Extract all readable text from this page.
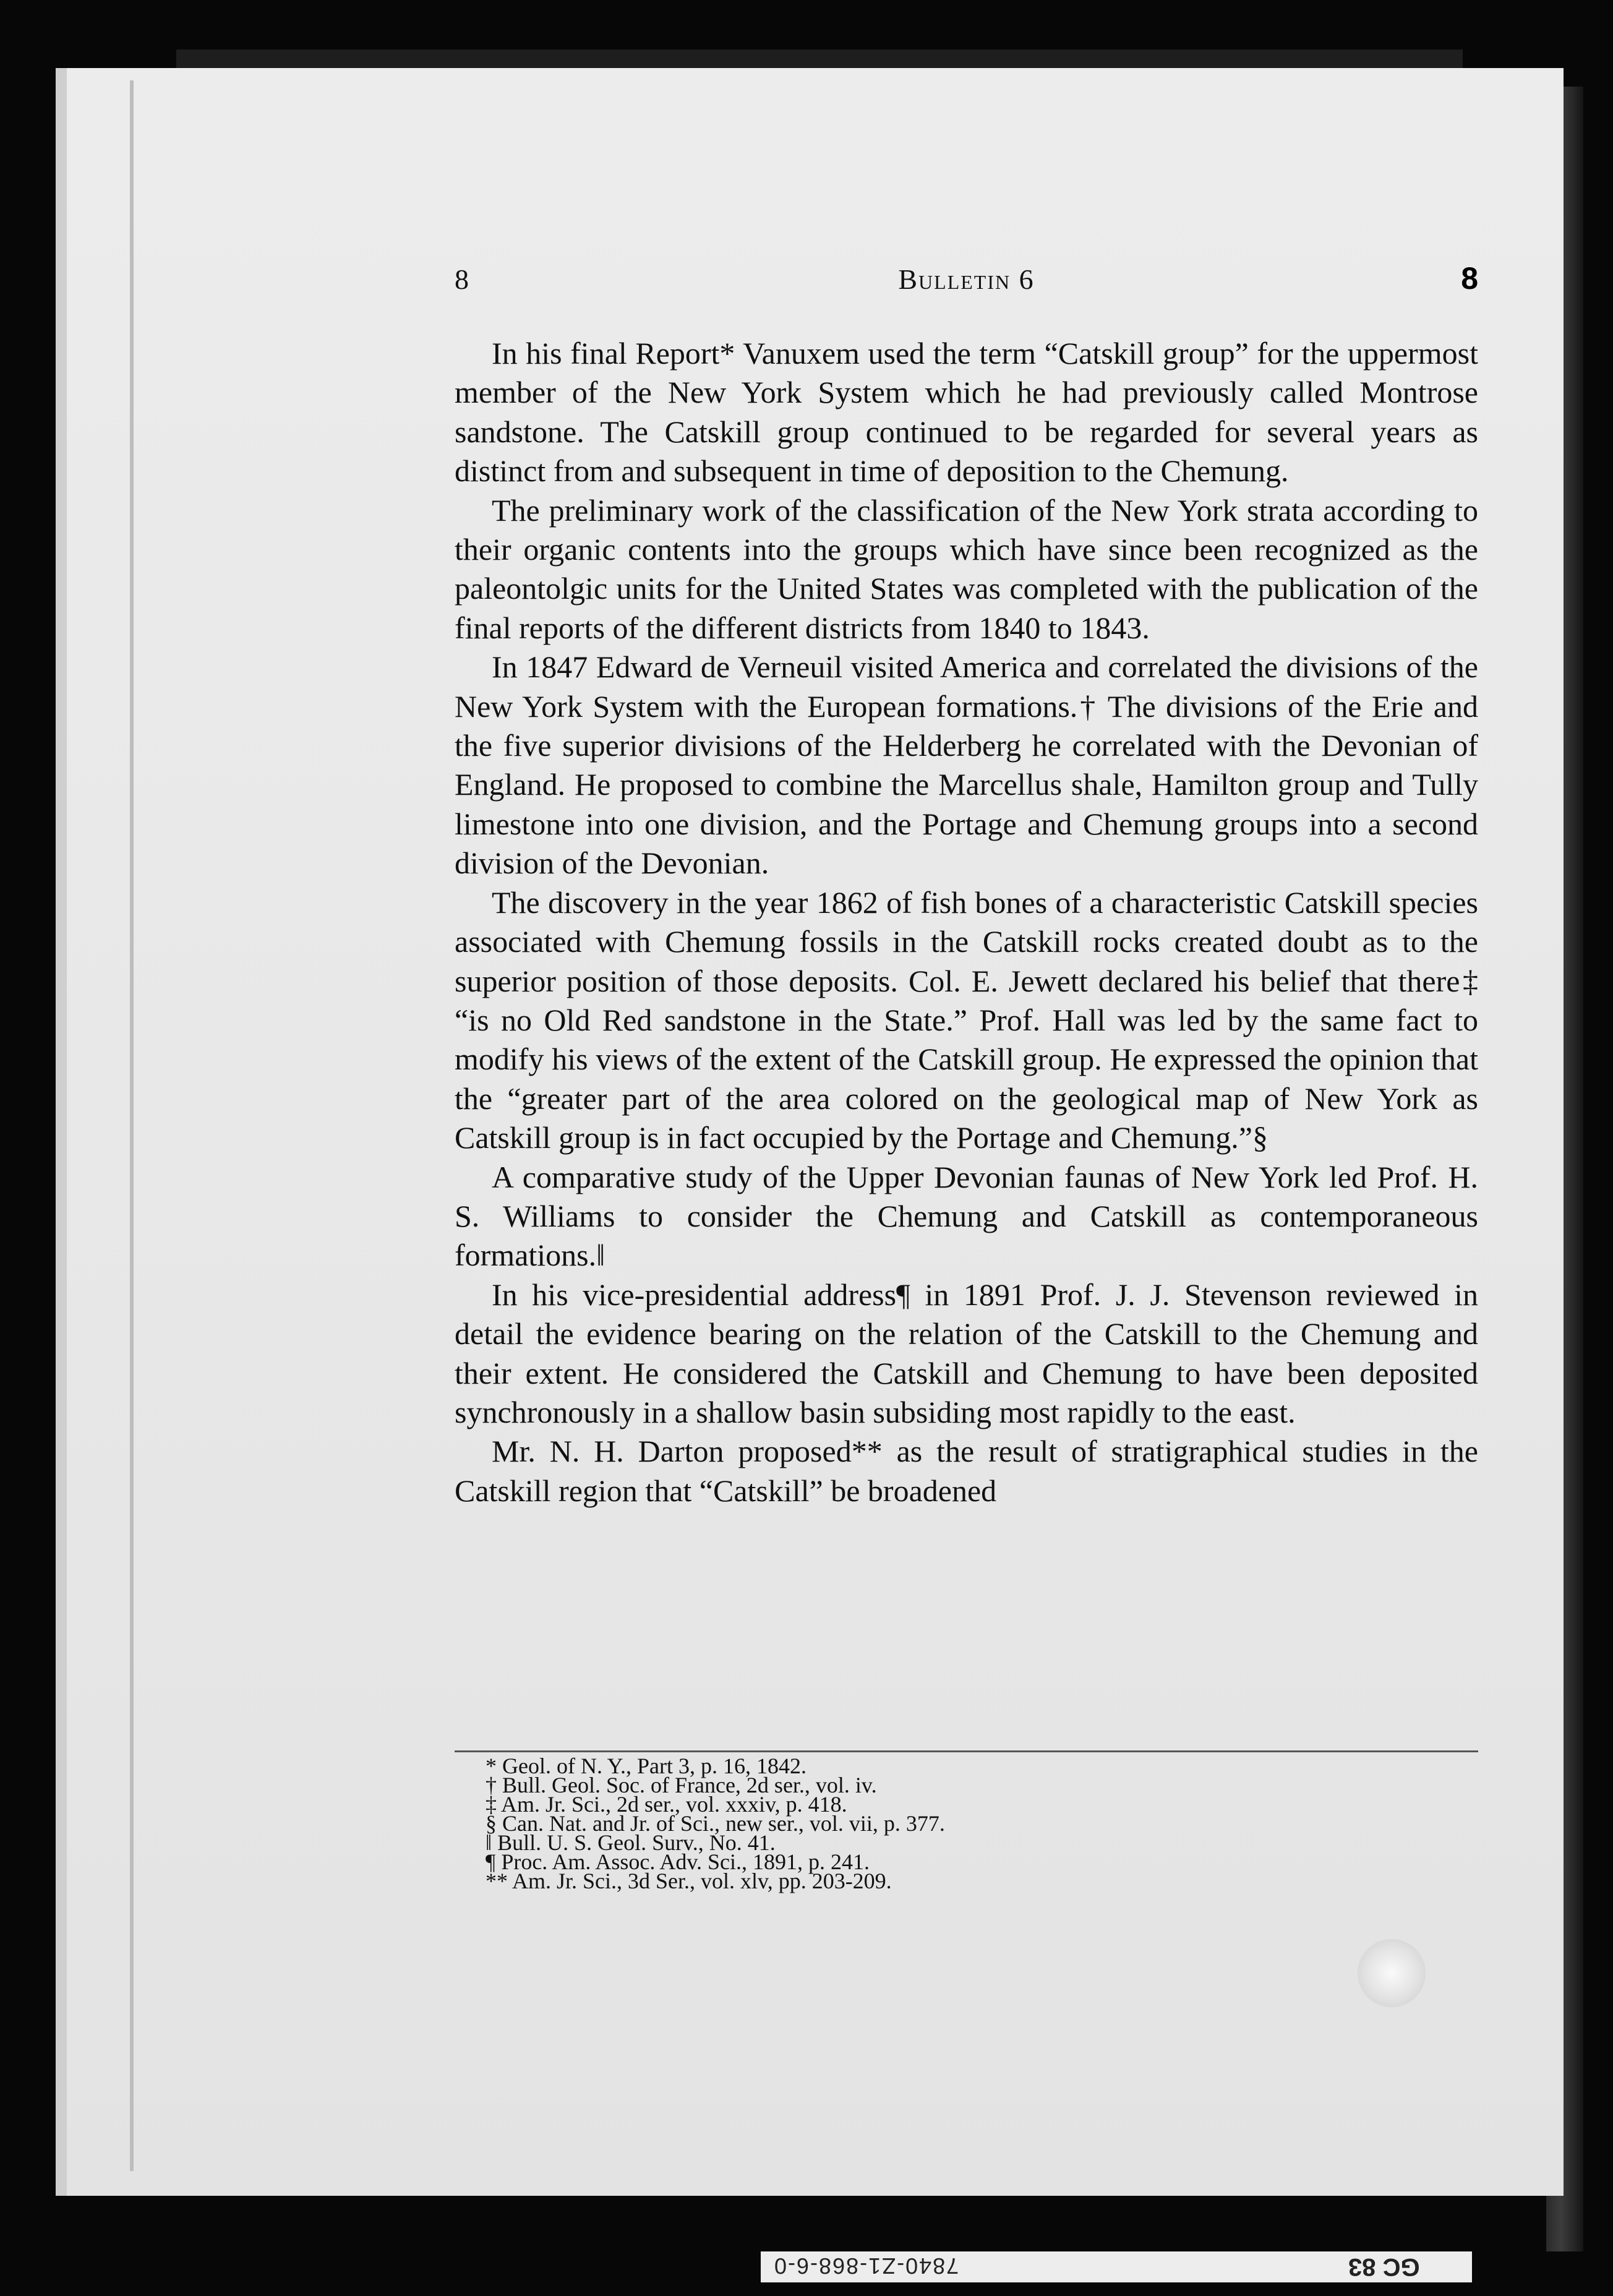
8	Bulletin 6	8

In his final Report* Vanuxem used the term “Catskill group” for the uppermost member of the New York System which he had previously called Montrose sandstone. The Catskill group continued to be regarded for several years as distinct from and subsequent in time of deposition to the Chemung.

The preliminary work of the classification of the New York strata according to their organic contents into the groups which have since been recognized as the paleontolgic units for the United States was completed with the publication of the final reports of the different districts from 1840 to 1843.

In 1847 Edward de Verneuil visited America and correlated the divisions of the New York System with the European formations.† The divisions of the Erie and the five superior divisions of the Helderberg he correlated with the Devonian of England. He proposed to combine the Marcellus shale, Hamilton group and Tully limestone into one division, and the Portage and Chemung groups into a second division of the Devonian.

The discovery in the year 1862 of fish bones of a characteristic Catskill species associated with Chemung fossils in the Catskill rocks created doubt as to the superior position of those deposits. Col. E. Jewett declared his belief that there‡ “is no Old Red sandstone in the State.” Prof. Hall was led by the same fact to modify his views of the extent of the Catskill group. He expressed the opinion that the “greater part of the area colored on the geological map of New York as Catskill group is in fact occupied by the Portage and Chemung.”§

A comparative study of the Upper Devonian faunas of New York led Prof. H. S. Williams to consider the Chemung and Catskill as contemporaneous formations.‖

In his vice-presidential address¶ in 1891 Prof. J. J. Stevenson reviewed in detail the evidence bearing on the relation of the Catskill to the Chemung and their extent. He considered the Catskill and Chemung to have been deposited synchronously in a shallow basin subsiding most rapidly to the east.

Mr. N. H. Darton proposed** as the result of stratigraphical studies in the Catskill region that “Catskill” be broadened

* Geol. of N. Y., Part 3, p. 16, 1842.
† Bull. Geol. Soc. of France, 2d ser., vol. iv.
‡ Am. Jr. Sci., 2d ser., vol. xxxiv, p. 418.
§ Can. Nat. and Jr. of Sci., new ser., vol. vii, p. 377.
‖ Bull. U. S. Geol. Surv., No. 41.
¶ Proc. Am. Assoc. Adv. Sci., 1891, p. 241.
** Am. Jr. Sci., 3d Ser., vol. xlv, pp. 203-209.
7840-Z1-868-6-0	GC 83
